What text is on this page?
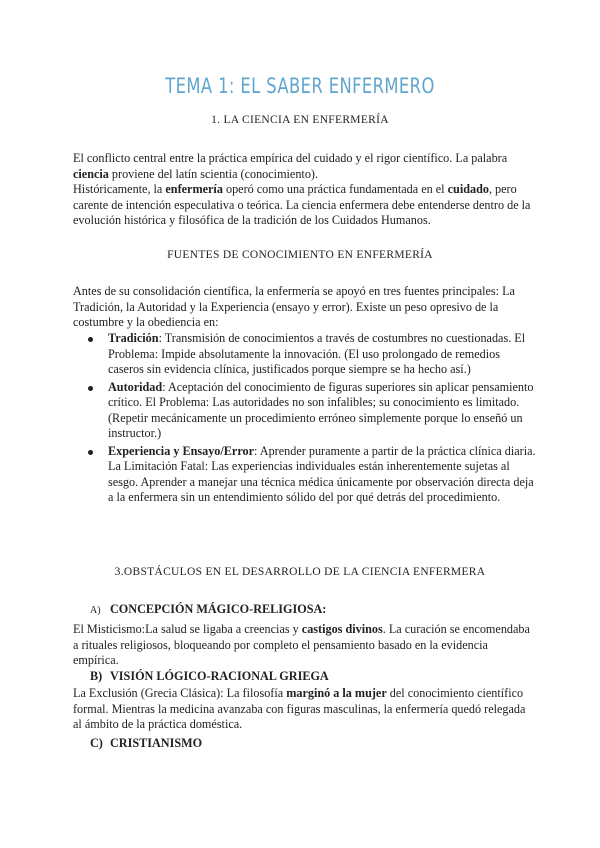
TEMA 1: EL SABER ENFERMERO
1. LA CIENCIA EN ENFERMERÍA

El conflicto central entre la práctica empírica del cuidado y el rigor científico. La palabra ciencia proviene del latín scientia (conocimiento).
Históricamente, la enfermería operó como una práctica fundamentada en el cuidado, pero carente de intención especulativa o teórica. La ciencia enfermera debe entenderse dentro de la evolución histórica y filosófica de la tradición de los Cuidados Humanos.

FUENTES DE CONOCIMIENTO EN ENFERMERÍA

Antes de su consolidación científica, la enfermería se apoyó en tres fuentes principales: La Tradición, la Autoridad y la Experiencia (ensayo y error). Existe un peso opresivo de la costumbre y la obediencia en:

Tradición: Transmisión de conocimientos a través de costumbres no cuestionadas. El Problema: Impide absolutamente la innovación. (El uso prolongado de remedios caseros sin evidencia clínica, justificados porque siempre se ha hecho así.)
Autoridad: Aceptación del conocimiento de figuras superiores sin aplicar pensamiento crítico. El Problema: Las autoridades no son infalibles; su conocimiento es limitado. (Repetir mecánicamente un procedimiento erróneo simplemente porque lo enseñó un instructor.)
Experiencia y Ensayo/Error: Aprender puramente a partir de la práctica clínica diaria. La Limitación Fatal: Las experiencias individuales están inherentemente sujetas al sesgo. Aprender a manejar una técnica médica únicamente por observación directa deja a la enfermera sin un entendimiento sólido del por qué detrás del procedimiento.
3.OBSTÁCULOS EN EL DESARROLLO DE LA CIENCIA ENFERMERA
A) CONCEPCIÓN MÁGICO-RELIGIOSA:

El Misticismo:La salud se ligaba a creencias y castigos divinos. La curación se encomendaba a rituales religiosos, bloqueando por completo el pensamiento basado en la evidencia empírica.

B) VISIÓN LÓGICO-RACIONAL GRIEGA

La Exclusión (Grecia Clásica): La filosofía marginó a la mujer del conocimiento científico formal. Mientras la medicina avanzaba con figuras masculinas, la enfermería quedó relegada al ámbito de la práctica doméstica.

C) CRISTIANISMO
